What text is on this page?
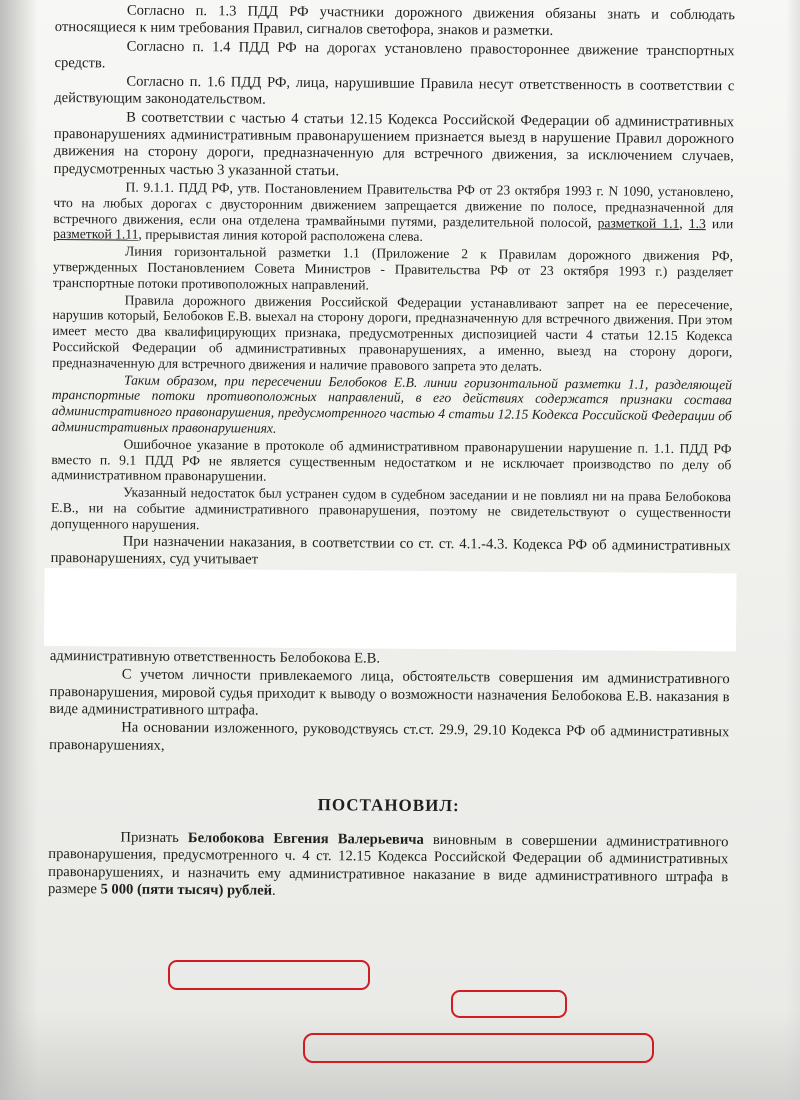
Согласно п. 1.3 ПДД РФ участники дорожного движения обязаны знать и соблюдать относящиеся к ним требования Правил, сигналов светофора, знаков и разметки.

Согласно п. 1.4 ПДД РФ на дорогах установлено правостороннее движение транспортных средств.

Согласно п. 1.6 ПДД РФ, лица, нарушившие Правила несут ответственность в соответствии с действующим законодательством.

В соответствии с частью 4 статьи 12.15 Кодекса Российской Федерации об административных правонарушениях административным правонарушением признается выезд в нарушение Правил дорожного движения на сторону дороги, предназначенную для встречного движения, за исключением случаев, предусмотренных частью 3 указанной статьи.

П. 9.1.1. ПДД РФ, утв. Постановлением Правительства РФ от 23 октября 1993 г. N 1090, установлено, что на любых дорогах с двусторонним движением запрещается движение по полосе, предназначенной для встречного движения, если она отделена трамвайными путями, разделительной полосой, разметкой 1.1, 1.3 или разметкой 1.11, прерывистая линия которой расположена слева.

Линия горизонтальной разметки 1.1 (Приложение 2 к Правилам дорожного движения РФ, утвержденных Постановлением Совета Министров - Правительства РФ от 23 октября 1993 г.) разделяет транспортные потоки противоположных направлений.

Правила дорожного движения Российской Федерации устанавливают запрет на ее пересечение, нарушив который, Белобоков Е.В. выехал на сторону дороги, предназначенную для встречного движения. При этом имеет место два квалифицирующих признака, предусмотренных диспозицией части 4 статьи 12.15 Кодекса Российской Федерации об административных правонарушениях, а именно, выезд на сторону дороги, предназначенную для встречного движения и наличие правового запрета это делать.

Таким образом, при пересечении Белобоков Е.В. линии горизонтальной разметки 1.1, разделяющей транспортные потоки противоположных направлений, в его действиях содержатся признаки состава административного правонарушения, предусмотренного частью 4 статьи 12.15 Кодекса Российской Федерации об административных правонарушениях.

Ошибочное указание в протоколе об административном правонарушении нарушение п. 1.1. ПДД РФ вместо п. 9.1 ПДД РФ не является существенным недостатком и не исключает производство по делу об административном правонарушении.

Указанный недостаток был устранен судом в судебном заседании и не повлиял ни на права Белобокова Е.В., ни на событие административного правонарушения, поэтому не свидетельствуют о существенности допущенного нарушения.

При назначении наказания, в соответствии со ст. ст. 4.1.-4.3. Кодекса РФ об административных правонарушениях, суд учитывает

административную ответственность Белобокова Е.В.

С учетом личности привлекаемого лица, обстоятельств совершения им административного правонарушения, мировой судья приходит к выводу о возможности назначения Белобокова Е.В. наказания в виде административного штрафа.

На основании изложенного, руководствуясь ст.ст. 29.9, 29.10 Кодекса РФ об административных правонарушениях,

ПОСТАНОВИЛ:

Признать Белобокова Евгения Валерьевича виновным в совершении административного правонарушения, предусмотренного ч. 4 ст. 12.15 Кодекса Российской Федерации об административных правонарушениях, и назначить ему административное наказание в виде административного штрафа в размере 5 000 (пяти тысяч) рублей.
